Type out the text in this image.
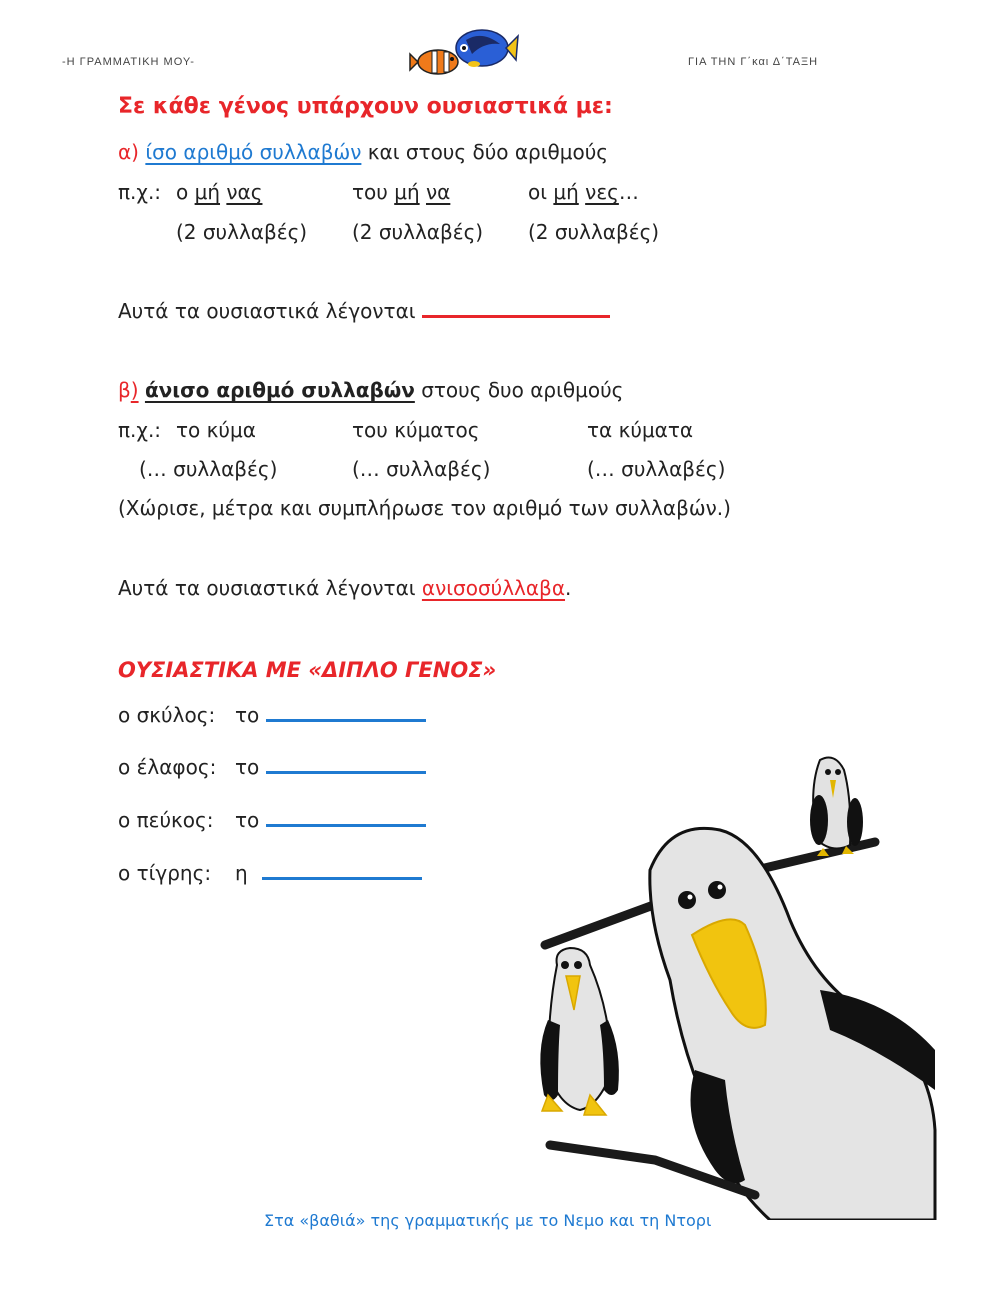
-Η ΓΡΑΜΜΑΤΙΚΗ ΜΟΥ-	ΓΙΑ ΤΗΝ Γ΄και Δ΄ΤΑΞΗ
Σε κάθε γένος υπάρχουν ουσιαστικά με:
α) ίσο αριθμό συλλαβών και στους δύο αριθμούς
π.χ.: ο μή νας	του μή να	οι μή νες…
(2 συλλαβές) (2 συλλαβές) (2 συλλαβές)
Αυτά τα ουσιαστικά λέγονται
β) άνισο αριθμό συλλαβών στους δυο αριθμούς
π.χ.: το κύμα	του κύματος	τα κύματα
(… συλλαβές)	(… συλλαβές)	(… συλλαβές)
(Χώρισε, μέτρα και συμπλήρωσε τον αριθμό των συλλαβών.)
Αυτά τα ουσιαστικά λέγονται ανισοσύλλαβα.
ΟΥΣΙΑΣΤΙΚΑ ΜΕ «ΔΙΠΛΟ ΓΕΝΟΣ»
ο σκύλος: το
ο έλαφος: το
ο πεύκος: το
ο τίγρης: η
Στα «βαθιά» της γραμματικής με το Νεμο και τη Ντορι
